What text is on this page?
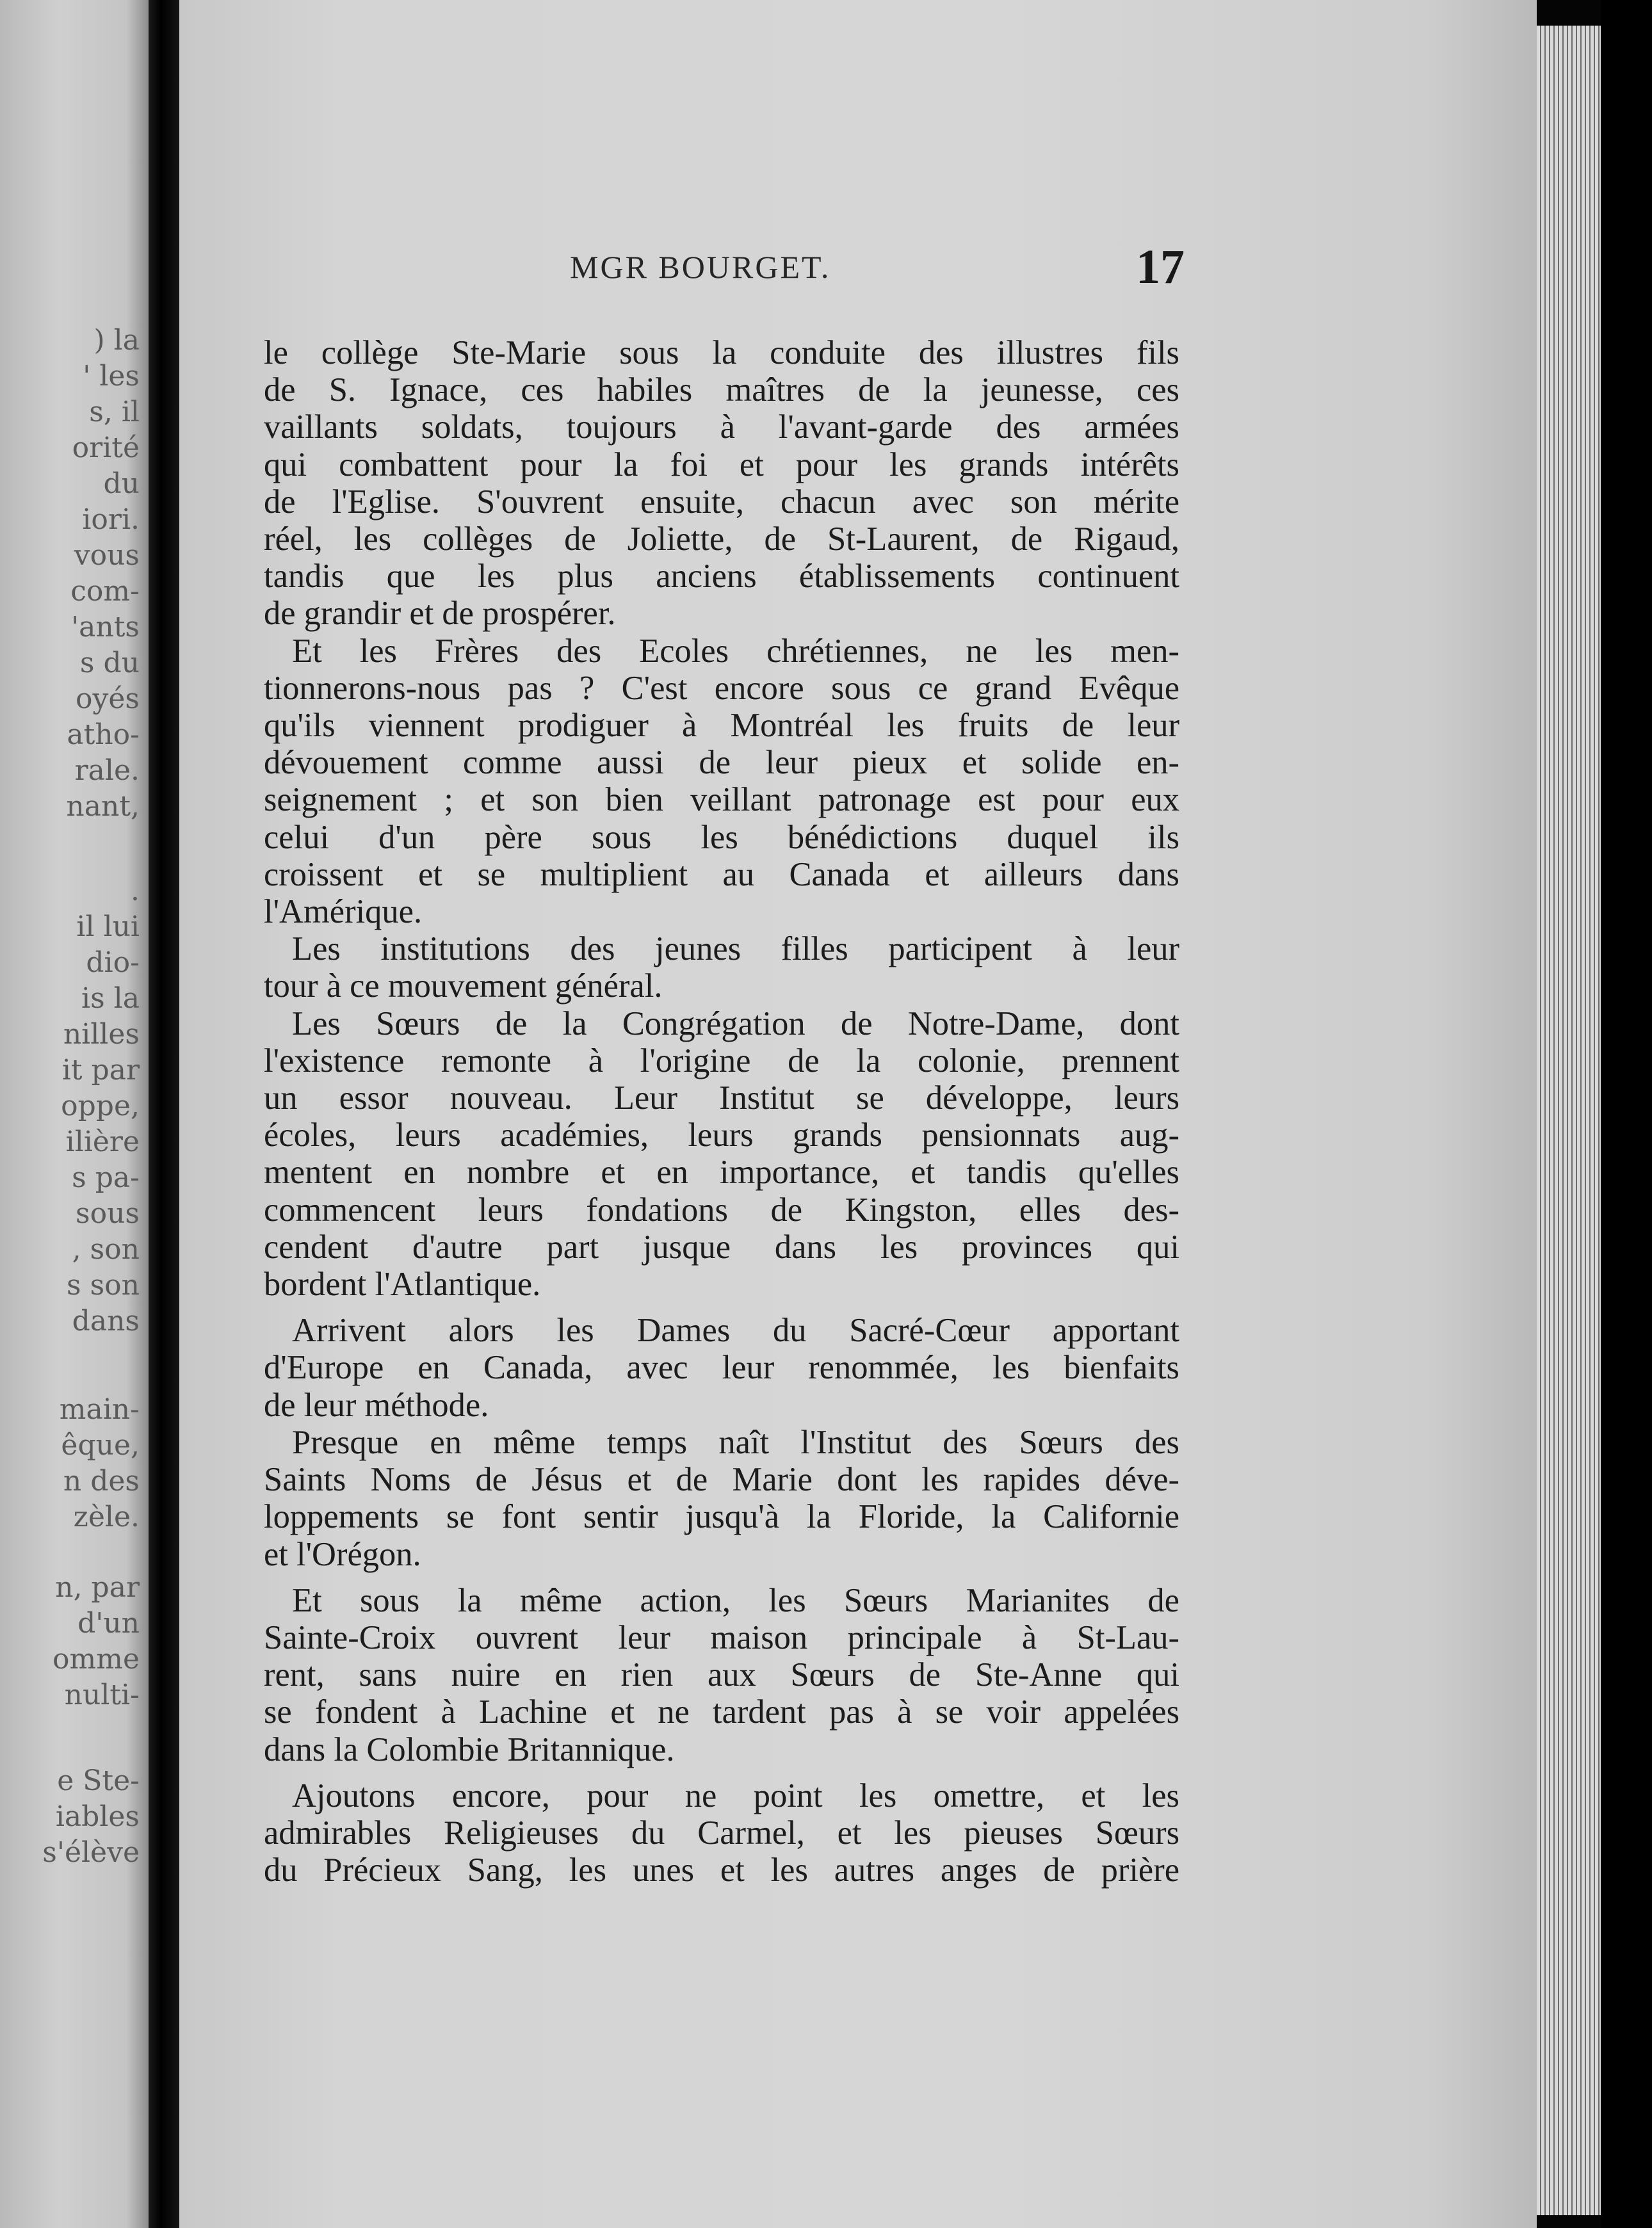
) la

' les

s, il

orité

du

iori.

vous

com-

'ants

s du

oyés

atho-

rale.

nant,

.

il lui

dio-

is la

nilles

it par

oppe,

ilière

s pa-

sous

, son

s son

dans

main-

êque,

n des

zèle.

n, par

d'un

omme

nulti-

e Ste-

iables

s'élève

MGR BOURGET.	17
le collège Ste-Marie sous la conduite des illustres fils
de S. Ignace, ces habiles maîtres de la jeunesse, ces
vaillants soldats, toujours à l'avant-garde des armées
qui combattent pour la foi et pour les grands intérêts
de l'Eglise. S'ouvrent ensuite, chacun avec son mérite
réel, les collèges de Joliette, de St-Laurent, de Rigaud,
tandis que les plus anciens établissements continuent
de grandir et de prospérer.
Et les Frères des Ecoles chrétiennes, ne les men-
tionnerons-nous pas ? C'est encore sous ce grand Evêque
qu'ils viennent prodiguer à Montréal les fruits de leur
dévouement comme aussi de leur pieux et solide en-
seignement ; et son bien veillant patronage est pour eux
celui d'un père sous les bénédictions duquel ils
croissent et se multiplient au Canada et ailleurs dans
l'Amérique.
Les institutions des jeunes filles participent à leur
tour à ce mouvement général.
Les Sœurs de la Congrégation de Notre-Dame, dont
l'existence remonte à l'origine de la colonie, prennent
un essor nouveau. Leur Institut se développe, leurs
écoles, leurs académies, leurs grands pensionnats aug-
mentent en nombre et en importance, et tandis qu'elles
commencent leurs fondations de Kingston, elles des-
cendent d'autre part jusque dans les provinces qui
bordent l'Atlantique.
Arrivent alors les Dames du Sacré-Cœur apportant
d'Europe en Canada, avec leur renommée, les bienfaits
de leur méthode.
Presque en même temps naît l'Institut des Sœurs des
Saints Noms de Jésus et de Marie dont les rapides déve-
loppements se font sentir jusqu'à la Floride, la Californie
et l'Orégon.
Et sous la même action, les Sœurs Marianites de
Sainte-Croix ouvrent leur maison principale à St-Lau-
rent, sans nuire en rien aux Sœurs de Ste-Anne qui
se fondent à Lachine et ne tardent pas à se voir appelées
dans la Colombie Britannique.
Ajoutons encore, pour ne point les omettre, et les
admirables Religieuses du Carmel, et les pieuses Sœurs
du Précieux Sang, les unes et les autres anges de prière
